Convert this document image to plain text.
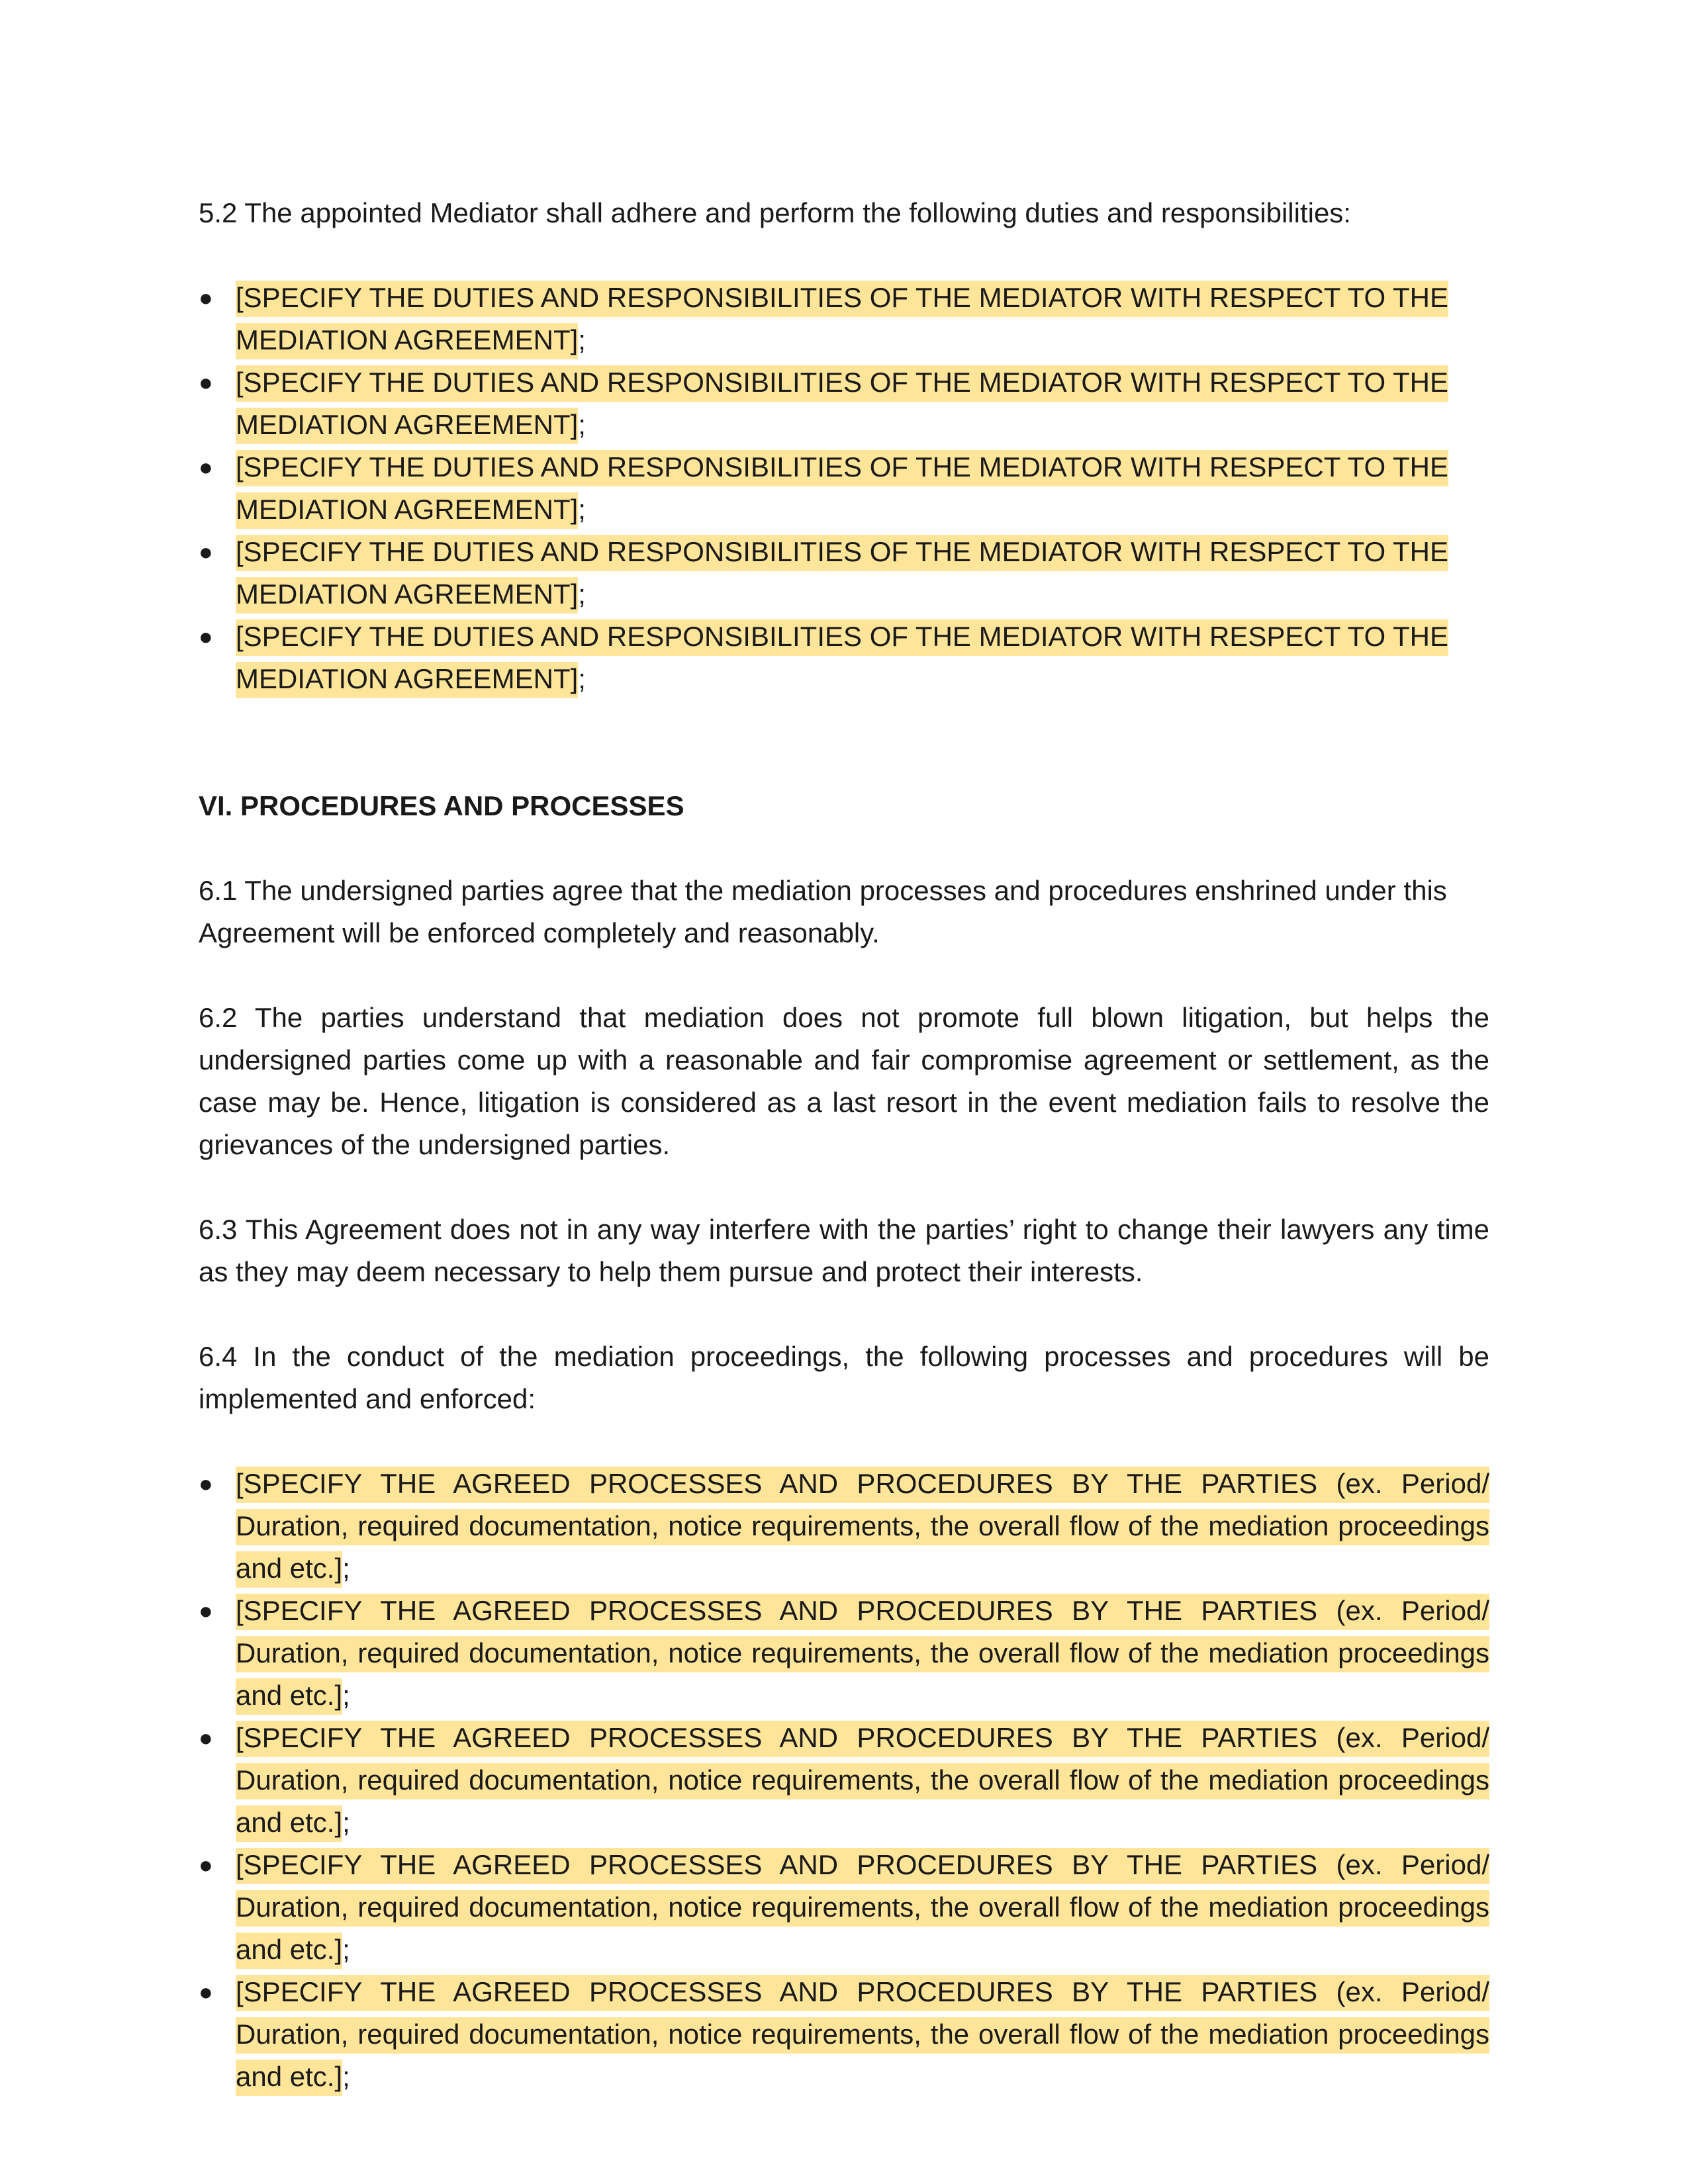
5.2 The appointed Mediator shall adhere and perform the following duties and responsibilities:

● [SPECIFY THE DUTIES AND RESPONSIBILITIES OF THE MEDIATOR WITH RESPECT TO THE MEDIATION AGREEMENT];
● [SPECIFY THE DUTIES AND RESPONSIBILITIES OF THE MEDIATOR WITH RESPECT TO THE MEDIATION AGREEMENT];
● [SPECIFY THE DUTIES AND RESPONSIBILITIES OF THE MEDIATOR WITH RESPECT TO THE MEDIATION AGREEMENT];
● [SPECIFY THE DUTIES AND RESPONSIBILITIES OF THE MEDIATOR WITH RESPECT TO THE MEDIATION AGREEMENT];
● [SPECIFY THE DUTIES AND RESPONSIBILITIES OF THE MEDIATOR WITH RESPECT TO THE MEDIATION AGREEMENT];
VI. PROCEDURES AND PROCESSES

6.1 The undersigned parties agree that the mediation processes and procedures enshrined under this Agreement will be enforced completely and reasonably.

6.2 The parties understand that mediation does not promote full blown litigation, but helps the undersigned parties come up with a reasonable and fair compromise agreement or settlement, as the case may be. Hence, litigation is considered as a last resort in the event mediation fails to resolve the grievances of the undersigned parties.

6.3 This Agreement does not in any way interfere with the parties’ right to change their lawyers any time as they may deem necessary to help them pursue and protect their interests.

6.4 In the conduct of the mediation proceedings, the following processes and procedures will be implemented and enforced:

● [SPECIFY THE AGREED PROCESSES AND PROCEDURES BY THE PARTIES (ex. Period/ Duration, required documentation, notice requirements, the overall flow of the mediation proceedings and etc.];
● [SPECIFY THE AGREED PROCESSES AND PROCEDURES BY THE PARTIES (ex. Period/ Duration, required documentation, notice requirements, the overall flow of the mediation proceedings and etc.];
● [SPECIFY THE AGREED PROCESSES AND PROCEDURES BY THE PARTIES (ex. Period/ Duration, required documentation, notice requirements, the overall flow of the mediation proceedings and etc.];
● [SPECIFY THE AGREED PROCESSES AND PROCEDURES BY THE PARTIES (ex. Period/ Duration, required documentation, notice requirements, the overall flow of the mediation proceedings and etc.];
● [SPECIFY THE AGREED PROCESSES AND PROCEDURES BY THE PARTIES (ex. Period/ Duration, required documentation, notice requirements, the overall flow of the mediation proceedings and etc.];
